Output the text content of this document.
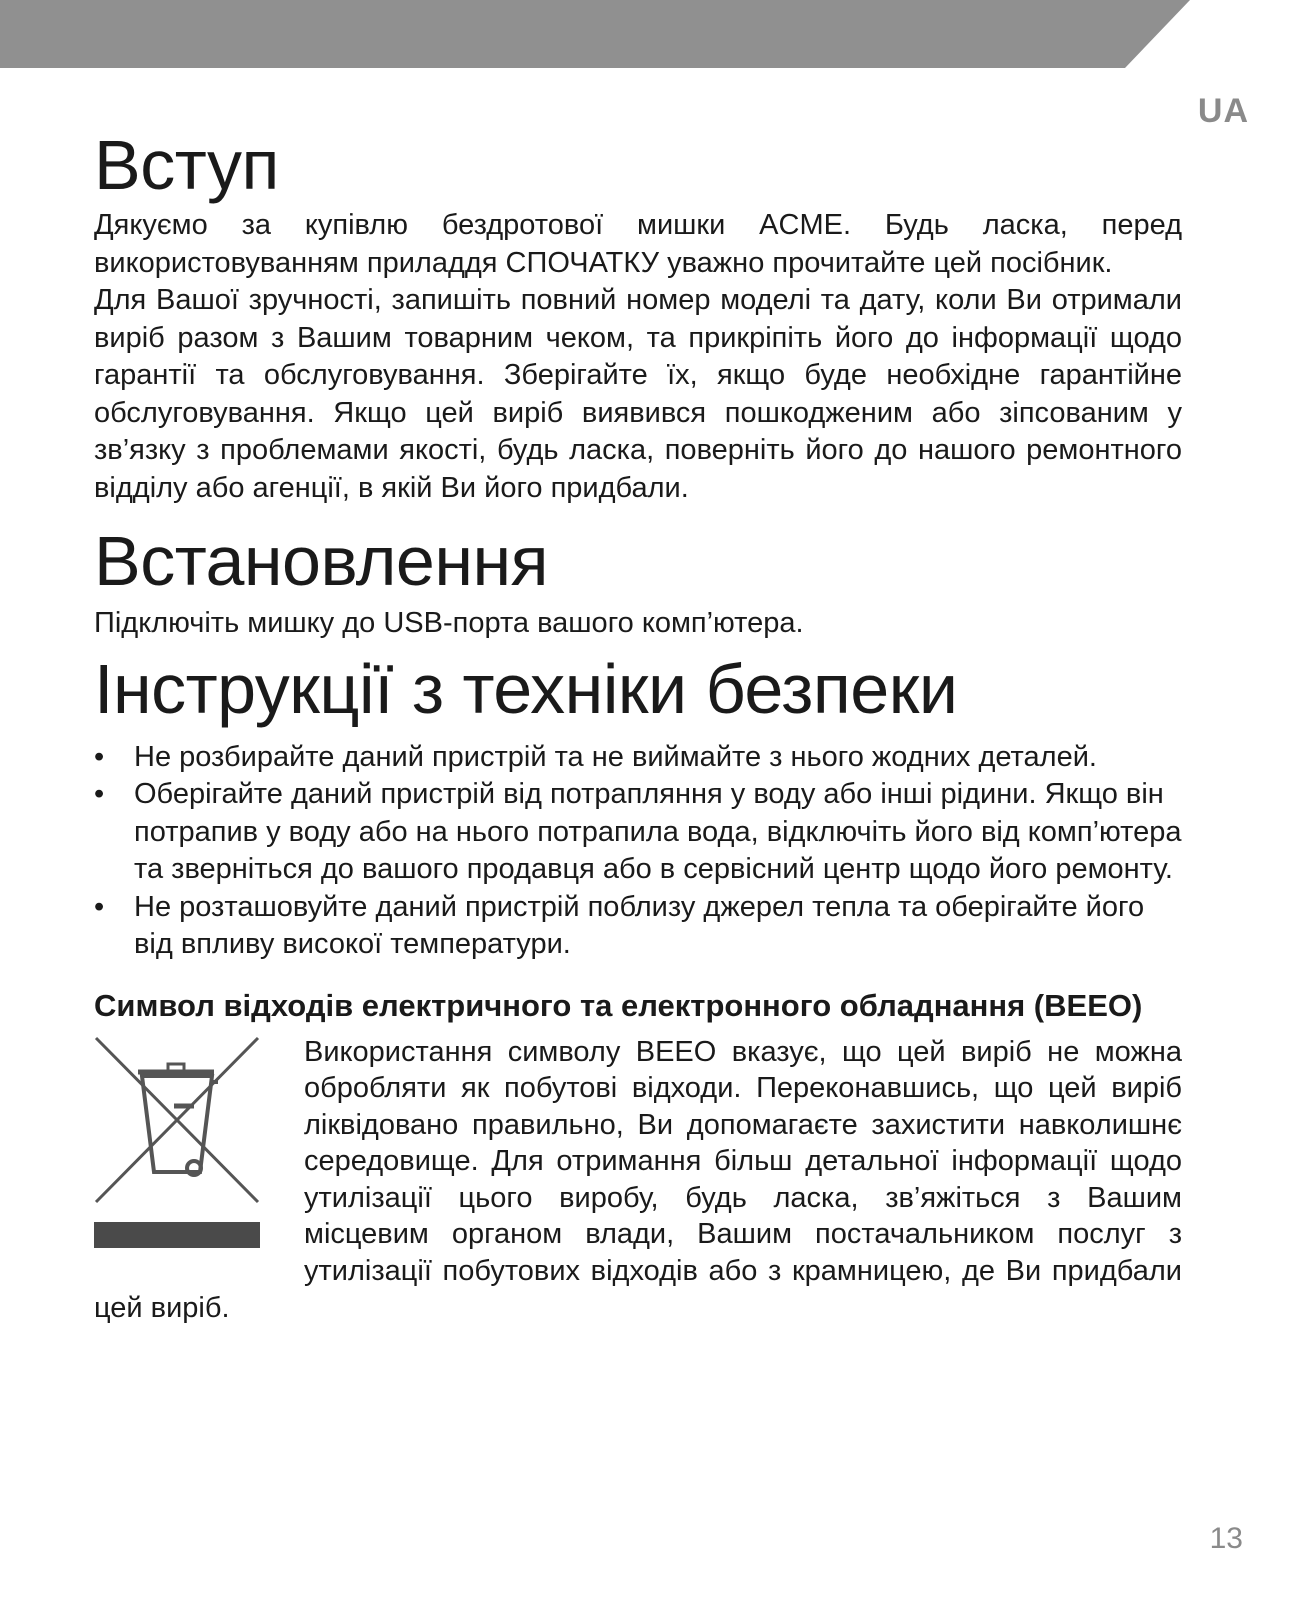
UA
Вступ

Дякуємо за купівлю бездротової мишки ACME. Будь ласка, перед використовуванням приладдя СПОЧАТКУ уважно прочитайте цей посібник.

Для Вашої зручності, запишіть повний номер моделі та дату, коли Ви отримали виріб разом з Вашим товарним чеком, та прикріпіть його до інформації щодо гарантії та обслуговування. Зберігайте їх, якщо буде необхідне гарантійне обслуговування. Якщо цей виріб виявився пошкодженим або зіпсованим у зв’язку з проблемами якості, будь ласка, поверніть його до нашого ремонтного відділу або агенції, в якій Ви його придбали.

Встановлення

Підключіть мишку до USB-порта вашого комп’ютера.

Інструкції з техніки безпеки
• Не розбирайте даний пристрій та не виймайте з нього жодних деталей.
• Оберігайте даний пристрій від потрапляння у воду або інші рідини. Якщо він потрапив у воду або на нього потрапила вода, відключіть його від комп’ютера та зверніться до вашого продавця або в сервісний центр щодо його ремонту.
• Не розташовуйте даний пристрій поблизу джерел тепла та оберігайте його від впливу високої температури.
Символ відходів електричного та електронного обладнання (ВЕЕО)

Використання символу ВЕЕО вказує, що цей виріб не можна обробляти як побутові відходи. Переконавшись, що цей виріб ліквідовано правильно, Ви допомагаєте захистити навколишнє середовище. Для отримання більш детальної інформації щодо утилізації цього виробу, будь ласка, зв’яжіться з Вашим місцевим органом влади, Вашим постачальником послуг з утилізації побутових відходів або з крамницею, де Ви придбали цей виріб.

13
